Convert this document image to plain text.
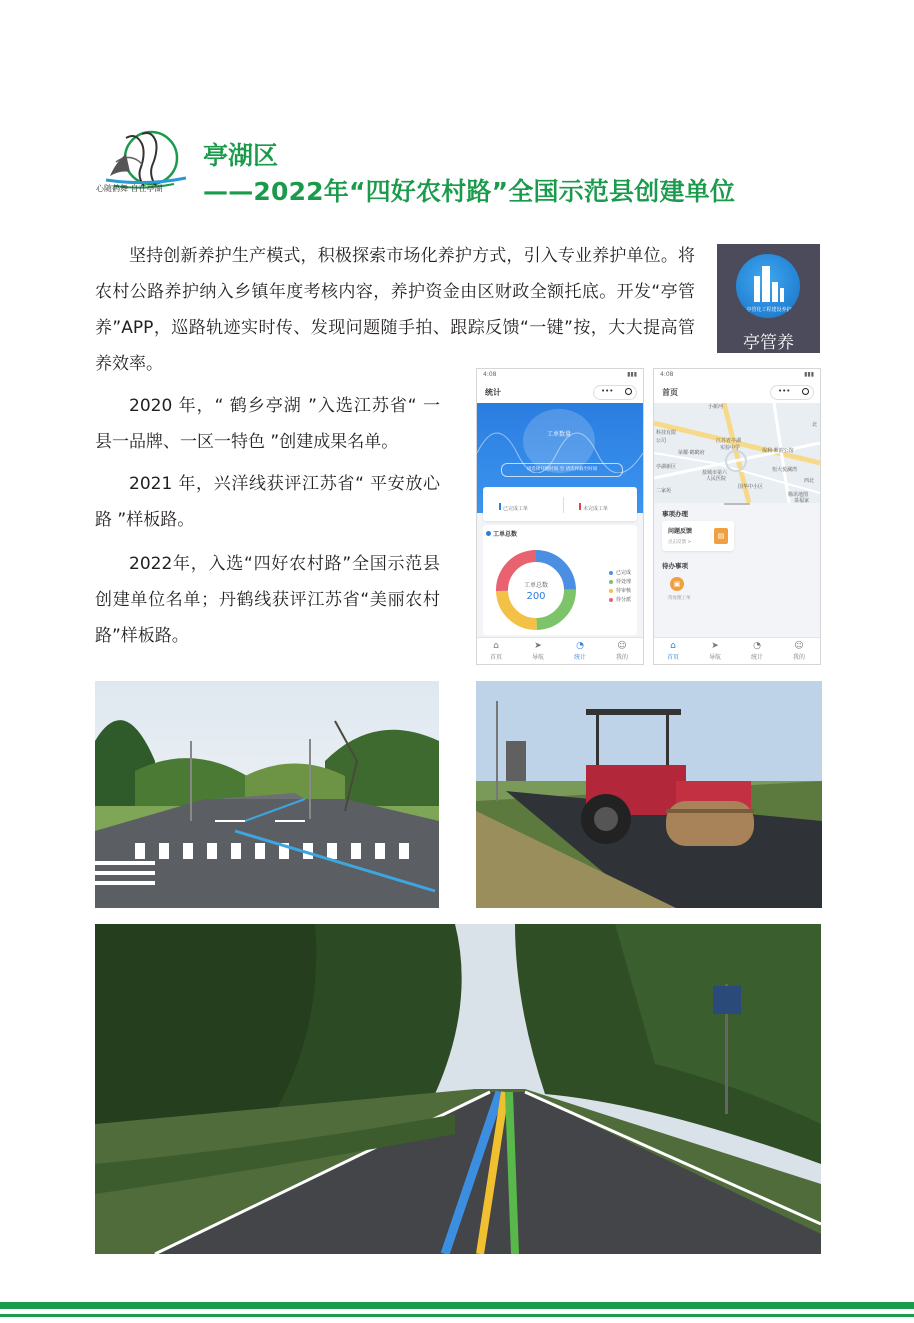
心随鹤舞 自在亭湖
亭湖区
——2022年“四好农村路”全国示范县创建单位

坚持创新养护生产模式，积极探索市场化养护方式，引入专业养护单位。将农村公路养护纳入乡镇年度考核内容，养护资金由区财政全额托底。开发“亭管养”APP，巡路轨迹实时传、发现问题随手拍、跟踪反馈“一键”按，大大提高管养效率。

2020 年，“ 鹤乡亭湖 ”入选江苏省“ 一县一品牌、一区一特色 ”创建成果名单。

2021 年，兴洋线获评江苏省“ 平安放心路 ”样板路。

2022年，入选“四好农村路”全国示范县创建单位名单；丹鹤线获评江苏省“美丽农村路”样板路。

亭管化工程建设养护
亭管养
4:08	▮▮▮
统计	•••
工单数量
请选择开始时间 至 请选择截至时间
已完成工单	未完成工单
工单总数
工单总数
200
已完成
待处理
待审核
待分派
⌂
首页
➤
导航
◔
统计
☺
我的
4:08	▮▮▮
首页	•••
小新河
北
江苏省亭湖
实验中学	保利·紫韵公馆
荣耀·鹤鹤府
盐城市第六
人民医院
恒大悦澜湾
国华中小区
西北
腾讯地图
菜福家
亭湖新区
公司
科技有限
二家苑
事项办理
问题反馈
点击反馈 >
▤
待办事项
▣
待处理工单
⌂
首页
➤
导航
◔
统计
☺
我的
